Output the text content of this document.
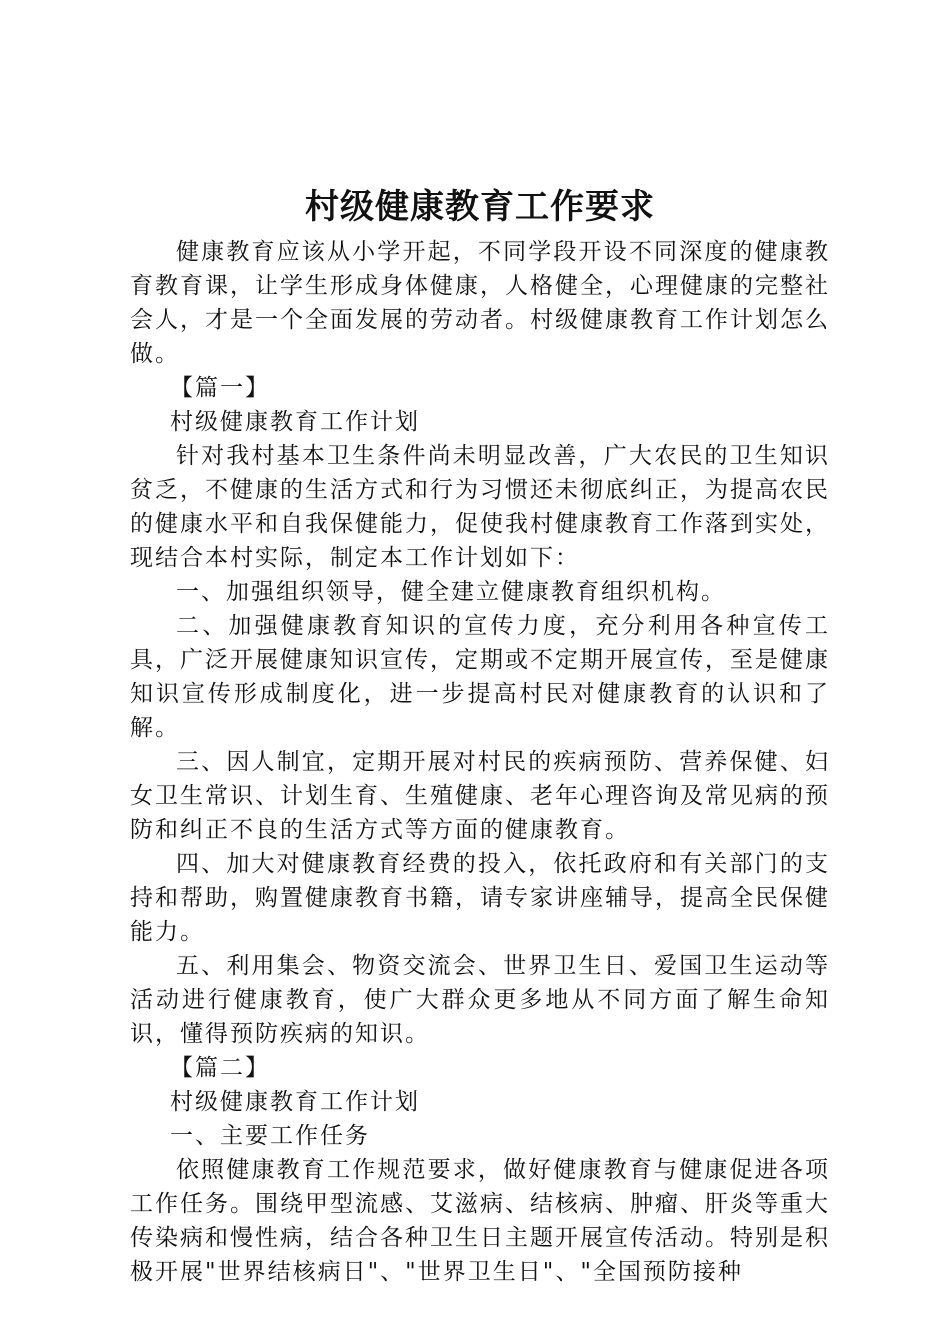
村级健康教育工作要求

健康教育应该从小学开起，不同学段开设不同深度的健康教育教育课，让学生形成身体健康，人格健全，心理健康的完整社会人，才是一个全面发展的劳动者。村级健康教育工作计划怎么做。

【篇一】

村级健康教育工作计划

针对我村基本卫生条件尚未明显改善，广大农民的卫生知识贫乏，不健康的生活方式和行为习惯还未彻底纠正，为提高农民的健康水平和自我保健能力，促使我村健康教育工作落到实处，现结合本村实际，制定本工作计划如下：

一、加强组织领导，健全建立健康教育组织机构。

二、加强健康教育知识的宣传力度，充分利用各种宣传工具，广泛开展健康知识宣传，定期或不定期开展宣传，至是健康知识宣传形成制度化，进一步提高村民对健康教育的认识和了解。

三、因人制宜，定期开展对村民的疾病预防、营养保健、妇女卫生常识、计划生育、生殖健康、老年心理咨询及常见病的预防和纠正不良的生活方式等方面的健康教育。

四、加大对健康教育经费的投入，依托政府和有关部门的支持和帮助，购置健康教育书籍，请专家讲座辅导，提高全民保健能力。

五、利用集会、物资交流会、世界卫生日、爱国卫生运动等活动进行健康教育，使广大群众更多地从不同方面了解生命知识，懂得预防疾病的知识。

【篇二】

村级健康教育工作计划

一、主要工作任务

依照健康教育工作规范要求，做好健康教育与健康促进各项工作任务。围绕甲型流感、艾滋病、结核病、肿瘤、肝炎等重大传染病和慢性病，结合各种卫生日主题开展宣传活动。特别是积极开展"世界结核病日"、"世界卫生日"、"全国预防接种
